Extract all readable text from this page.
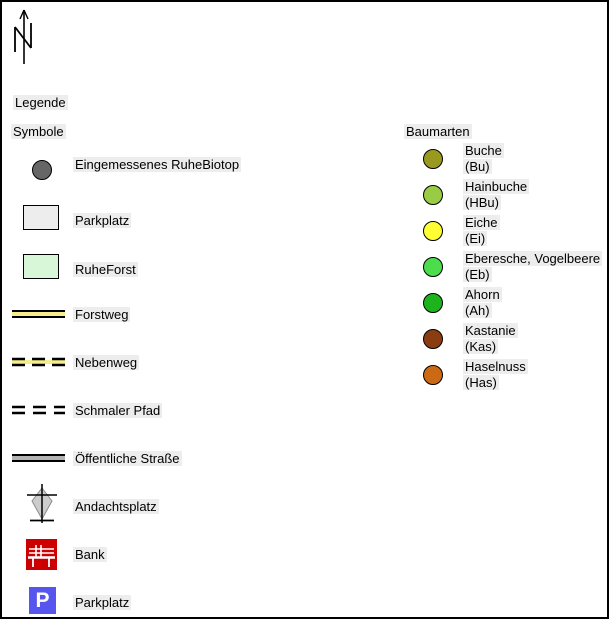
Legende
Symbole
Eingemessenes RuheBiotop
Parkplatz
RuheForst
Forstweg
Nebenweg
Schmaler Pfad
Öffentliche Straße
Andachtsplatz
Bank
P Parkplatz
Baumarten
Buche
(Bu)
Hainbuche
(HBu)
Eiche
(Ei)
Eberesche, Vogelbeere
(Eb)
Ahorn
(Ah)
Kastanie
(Kas)
Haselnuss
(Has)
